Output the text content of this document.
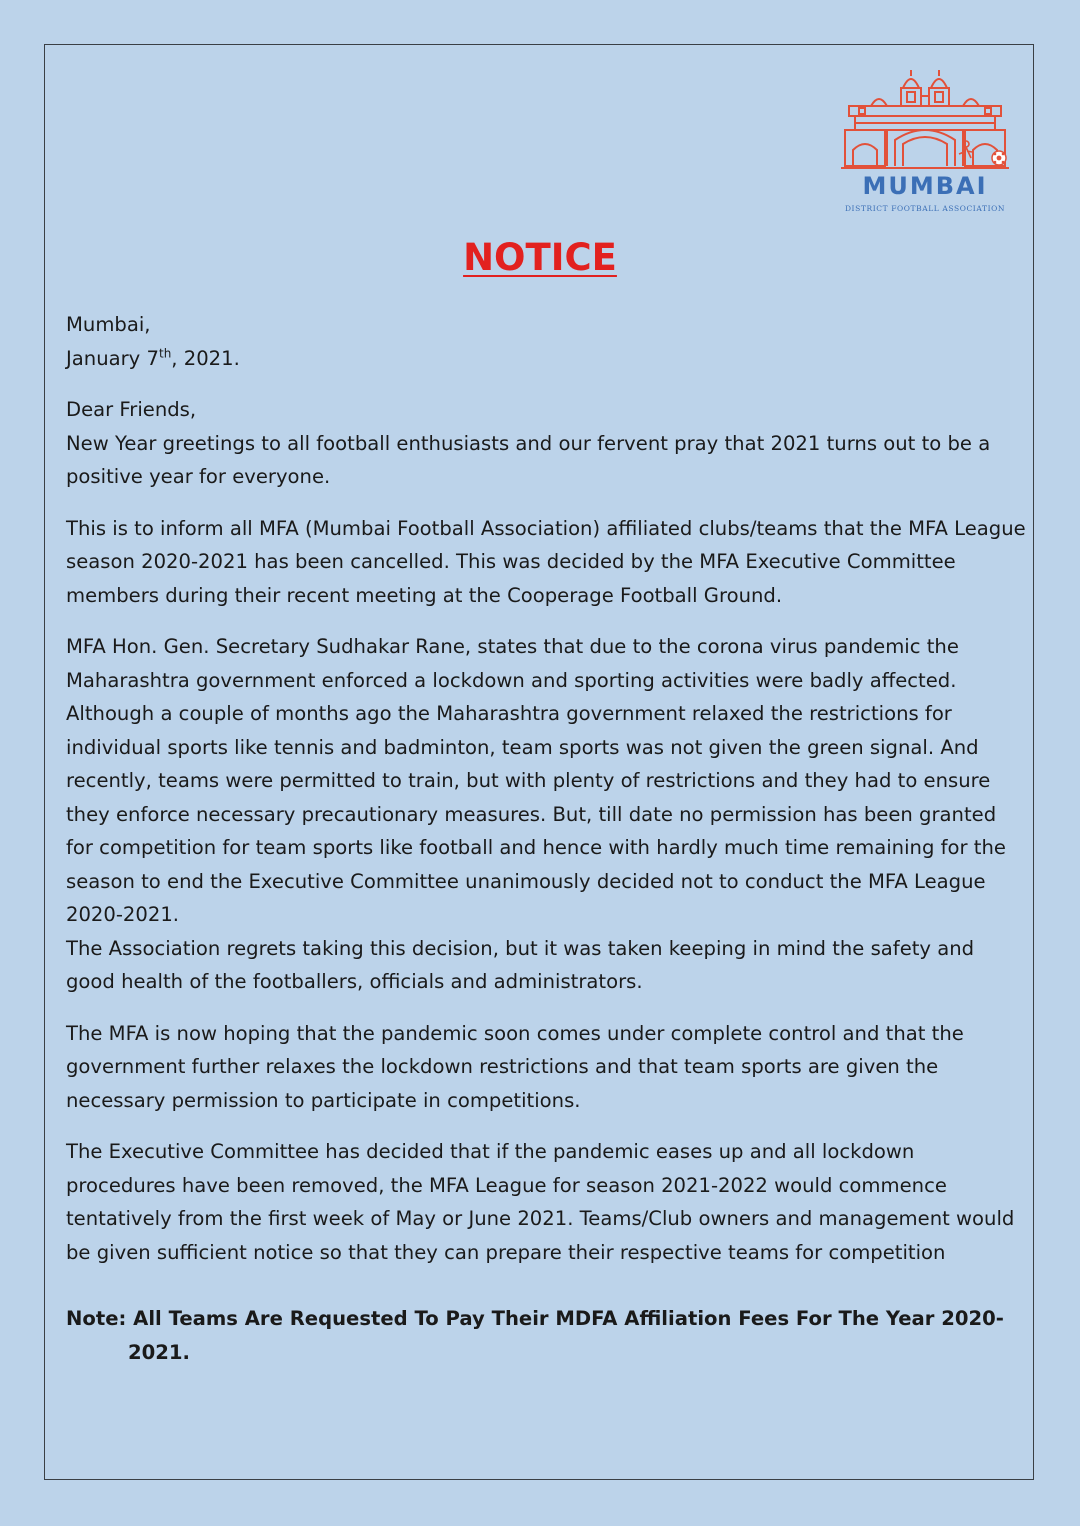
MUMBAI
DISTRICT FOOTBALL ASSOCIATION
NOTICE

Mumbai,

January 7th, 2021.

Dear Friends,

New Year greetings to all football enthusiasts and our fervent pray that 2021 turns out to be a positive year for everyone.

This is to inform all MFA (Mumbai Football Association) affiliated clubs/teams that the MFA League season 2020-2021 has been cancelled. This was decided by the MFA Executive Committee members during their recent meeting at the Cooperage Football Ground.

MFA Hon. Gen. Secretary Sudhakar Rane, states that due to the corona virus pandemic the Maharashtra government enforced a lockdown and sporting activities were badly affected. Although a couple of months ago the Maharashtra government relaxed the restrictions for individual sports like tennis and badminton, team sports was not given the green signal. And recently, teams were permitted to train, but with plenty of restrictions and they had to ensure they enforce necessary precautionary measures. But, till date no permission has been granted for competition for team sports like football and hence with hardly much time remaining for the season to end the Executive Committee unanimously decided not to conduct the MFA League 2020-2021.

The Association regrets taking this decision, but it was taken keeping in mind the safety and good health of the footballers, officials and administrators.

The MFA is now hoping that the pandemic soon comes under complete control and that the government further relaxes the lockdown restrictions and that team sports are given the necessary permission to participate in competitions.

The Executive Committee has decided that if the pandemic eases up and all lockdown procedures have been removed, the MFA League for season 2021-2022 would commence tentatively from the first week of May or June 2021. Teams/Club owners and management would be given sufficient notice so that they can prepare their respective teams for competition

Note: All Teams Are Requested To Pay Their MDFA Affiliation Fees For The Year 2020-2021.
